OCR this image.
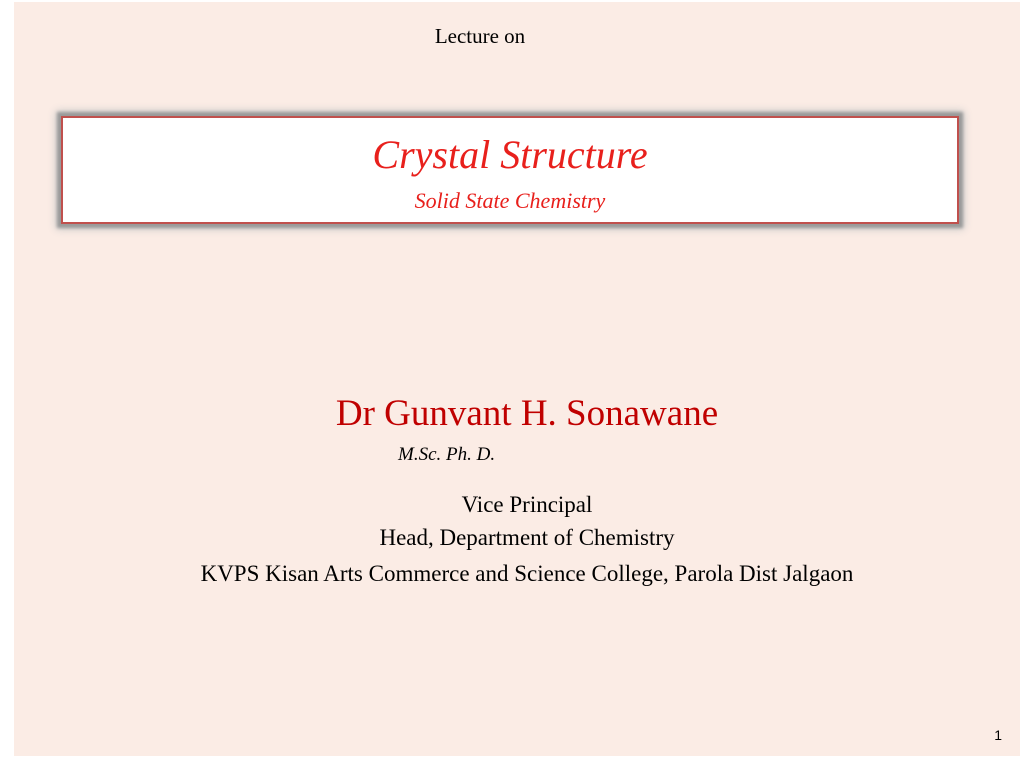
Lecture on
Crystal Structure
Solid State Chemistry
Dr Gunvant H. Sonawane
M.Sc. Ph. D.
Vice Principal
Head, Department of Chemistry
KVPS Kisan Arts Commerce and Science College, Parola Dist Jalgaon
1
